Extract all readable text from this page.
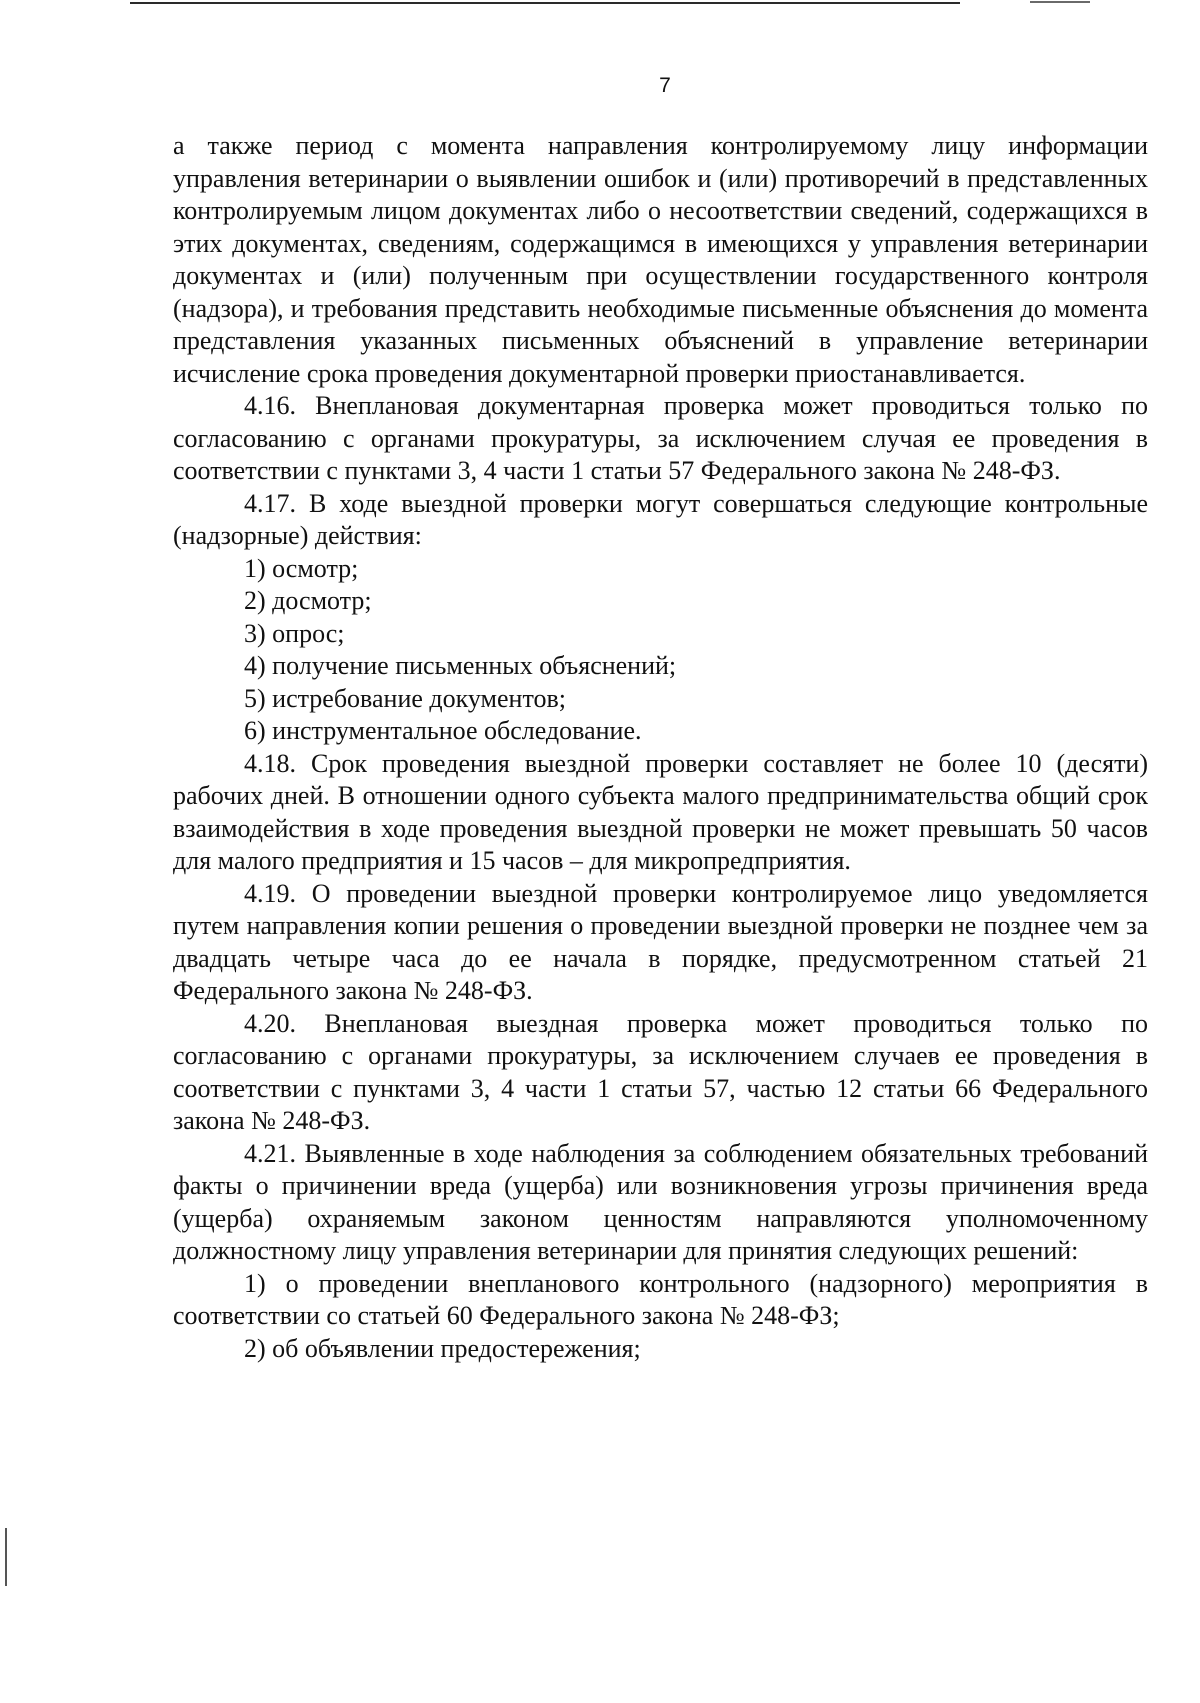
7

а также период с момента направления контролируемому лицу информации управления ветеринарии о выявлении ошибок и (или) противоречий в представленных контролируемым лицом документах либо о несоответствии сведений, содержащихся в этих документах, сведениям, содержащимся в имеющихся у управления ветеринарии документах и (или) полученным при осуществлении государственного контроля (надзора), и требования представить необходимые письменные объяснения до момента представления указанных письменных объяснений в управление ветеринарии исчисление срока проведения документарной проверки приостанавливается.

4.16. Внеплановая документарная проверка может проводиться только по согласованию с органами прокуратуры, за исключением случая ее проведения в соответствии с пунктами 3, 4 части 1 статьи 57 Федерального закона № 248-ФЗ.

4.17. В ходе выездной проверки могут совершаться следующие контрольные (надзорные) действия:

1) осмотр;

2) досмотр;

3) опрос;

4) получение письменных объяснений;

5) истребование документов;

6) инструментальное обследование.

4.18. Срок проведения выездной проверки составляет не более 10 (десяти) рабочих дней. В отношении одного субъекта малого предпринимательства общий срок взаимодействия в ходе проведения выездной проверки не может превышать 50 часов для малого предприятия и 15 часов – для микропредприятия.

4.19. О проведении выездной проверки контролируемое лицо уведомляется путем направления копии решения о проведении выездной проверки не позднее чем за двадцать четыре часа до ее начала в порядке, предусмотренном статьей 21 Федерального закона № 248-ФЗ.

4.20. Внеплановая выездная проверка может проводиться только по согласованию с органами прокуратуры, за исключением случаев ее проведения в соответствии с пунктами 3, 4 части 1 статьи 57, частью 12 статьи 66 Федерального закона № 248-ФЗ.

4.21. Выявленные в ходе наблюдения за соблюдением обязательных требований факты о причинении вреда (ущерба) или возникновения угрозы причинения вреда (ущерба) охраняемым законом ценностям направляются уполномоченному должностному лицу управления ветеринарии для принятия следующих решений:

1) о проведении внепланового контрольного (надзорного) мероприятия в соответствии со статьей 60 Федерального закона № 248-ФЗ;

2) об объявлении предостережения;
